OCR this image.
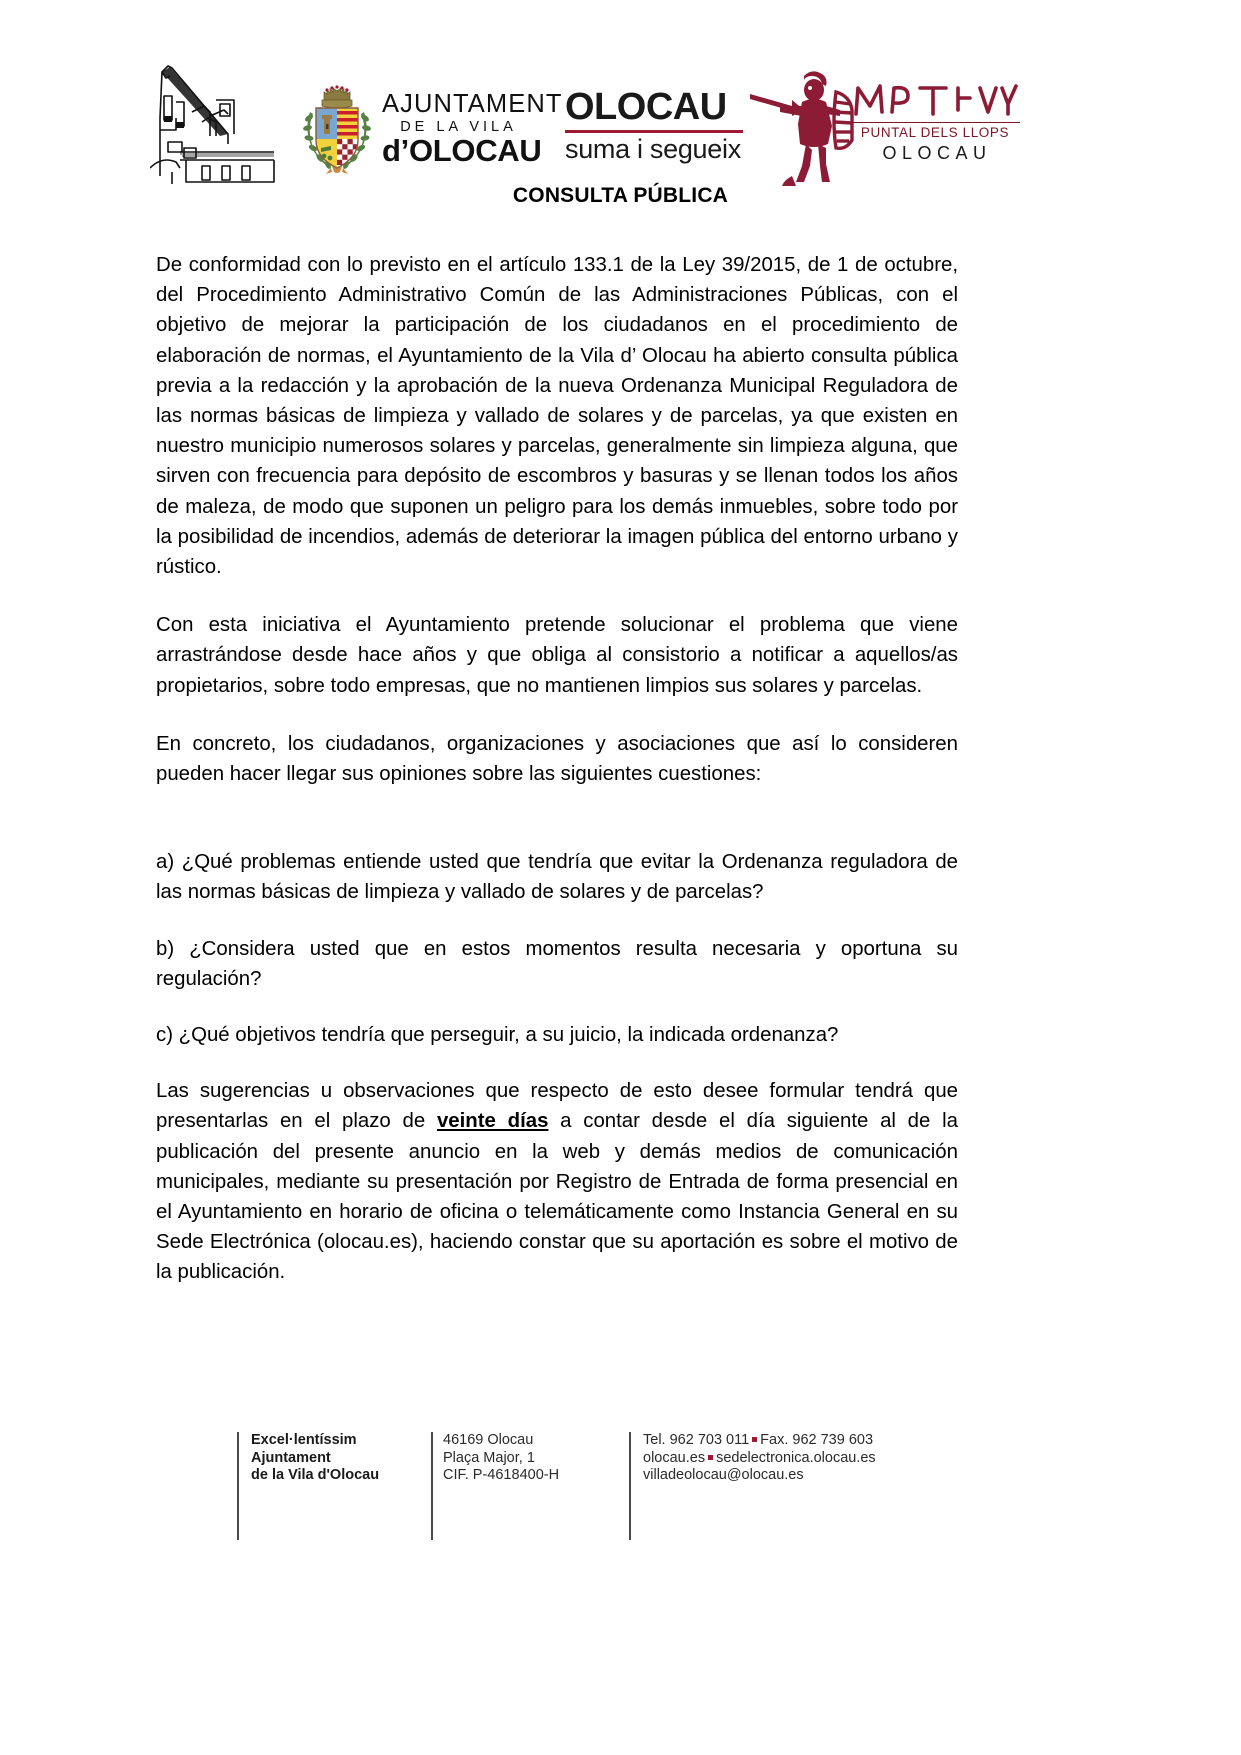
AJUNTAMENT
DE LA VILA
d’OLOCAU
OLOCAU
suma i segueix
PUNTAL DELS LLOPS
OLOCAU
CONSULTA PÚBLICA

De conformidad con lo previsto en el artículo 133.1 de la Ley 39/2015, de 1 de octubre, del Procedimiento Administrativo Común de las Administraciones Públicas, con el objetivo de mejorar la participación de los ciudadanos en el procedimiento de elaboración de normas, el Ayuntamiento de la Vila d’ Olocau ha abierto consulta pública previa a la redacción y la aprobación de la nueva Ordenanza Municipal Reguladora de las normas básicas de limpieza y vallado de solares y de parcelas, ya que existen en nuestro municipio numerosos solares y parcelas, generalmente sin limpieza alguna, que sirven con frecuencia para depósito de escombros y basuras y se llenan todos los años de maleza, de modo que suponen un peligro para los demás inmuebles, sobre todo por la posibilidad de incendios, además de deteriorar la imagen pública del entorno urbano y rústico.

Con esta iniciativa el Ayuntamiento pretende solucionar el problema que viene arrastrándose desde hace años y que obliga al consistorio a notificar a aquellos/as propietarios, sobre todo empresas, que no mantienen limpios sus solares y parcelas.

En concreto, los ciudadanos, organizaciones y asociaciones que así lo consideren pueden hacer llegar sus opiniones sobre las siguientes cuestiones:

a) ¿Qué problemas entiende usted que tendría que evitar la Ordenanza reguladora de las normas básicas de limpieza y vallado de solares y de parcelas?

b) ¿Considera usted que en estos momentos resulta necesaria y oportuna su regulación?

c) ¿Qué objetivos tendría que perseguir, a su juicio, la indicada ordenanza?

Las sugerencias u observaciones que respecto de esto desee formular tendrá que presentarlas en el plazo de veinte días a contar desde el día siguiente al de la publicación del presente anuncio en la web y demás medios de comunicación municipales, mediante su presentación por Registro de Entrada de forma presencial en el Ayuntamiento en horario de oficina o telemáticamente como Instancia General en su Sede Electrónica (olocau.es), haciendo constar que su aportación es sobre el motivo de la publicación.

Excel·lentíssim
Ajuntament
de la Vila d'Olocau
46169 Olocau
Plaça Major, 1
CIF. P-4618400-H
Tel. 962 703 011 Fax. 962 739 603
olocau.es sedelectronica.olocau.es
villadeolocau@olocau.es
